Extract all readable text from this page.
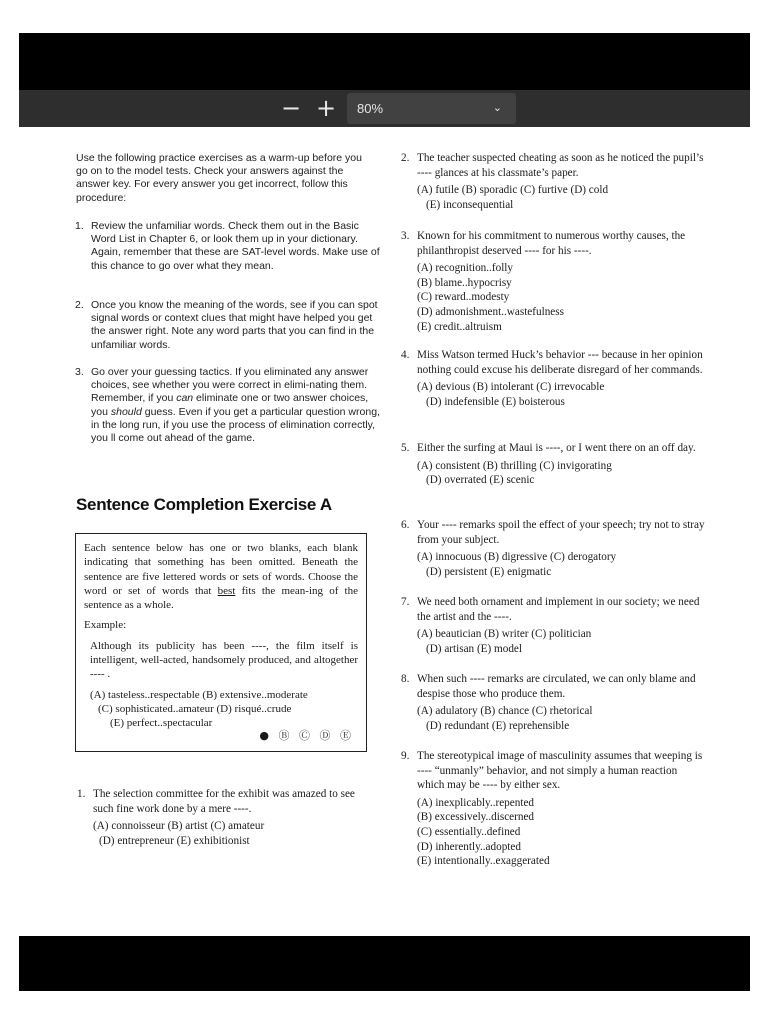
− +	80%	⌄

Use the following practice exercises as a warm-up before you go on to the model tests. Check your answers against the answer key. For every answer you get incorrect, follow this procedure:

1. Review the unfamiliar words. Check them out in the Basic Word List in Chapter 6, or look them up in your dictionary. Again, remember that these are SAT-level words. Make use of this chance to go over what they mean.
2. Once you know the meaning of the words, see if you can spot signal words or context clues that might have helped you get the answer right. Note any word parts that you can find in the unfamiliar words.
3. Go over your guessing tactics. If you eliminated any answer choices, see whether you were correct in elimi-nating them. Remember, if you can eliminate one or two answer choices, you should guess. Even if you get a particular question wrong, in the long run, if you use the process of elimination correctly, you ll come out ahead of the game.
Sentence Completion Exercise A

Each sentence below has one or two blanks, each blank indicating that something has been omitted. Beneath the sentence are five lettered words or sets of words. Choose the word or set of words that best fits the mean-ing of the sentence as a whole.

Example:

Although its publicity has been ----, the film itself is intelligent, well-acted, handsomely produced, and altogether ---- .

(A) tasteless..respectable (B) extensive..moderate

(C) sophisticated..amateur (D) risqué..crude

(E) perfect..spectacular

● Ⓑ Ⓒ Ⓓ Ⓔ
1. The selection committee for the exhibit was amazed to see such fine work done by a mere ----.

(A) connoisseur (B) artist (C) amateur

(D) entrepreneur (E) exhibitionist

2. The teacher suspected cheating as soon as he noticed the pupil’s ---- glances at his classmate’s paper.

(A) futile (B) sporadic (C) furtive (D) cold

(E) inconsequential

3. Known for his commitment to numerous worthy causes, the philanthropist deserved ---- for his ----.

(A) recognition..folly

(B) blame..hypocrisy

(C) reward..modesty

(D) admonishment..wastefulness

(E) credit..altruism

4. Miss Watson termed Huck’s behavior --- because in her opinion nothing could excuse his deliberate disregard of her commands.

(A) devious (B) intolerant (C) irrevocable

(D) indefensible (E) boisterous

5. Either the surfing at Maui is ----, or I went there on an off day.

(A) consistent (B) thrilling (C) invigorating

(D) overrated (E) scenic

6. Your ---- remarks spoil the effect of your speech; try not to stray from your subject.

(A) innocuous (B) digressive (C) derogatory

(D) persistent (E) enigmatic

7. We need both ornament and implement in our society; we need the artist and the ----.

(A) beautician (B) writer (C) politician

(D) artisan (E) model

8. When such ---- remarks are circulated, we can only blame and despise those who produce them.

(A) adulatory (B) chance (C) rhetorical

(D) redundant (E) reprehensible

9. The stereotypical image of masculinity assumes that weeping is ---- “unmanly” behavior, and not simply a human reaction which may be ---- by either sex.

(A) inexplicably..repented

(B) excessively..discerned

(C) essentially..defined

(D) inherently..adopted

(E) intentionally..exaggerated
